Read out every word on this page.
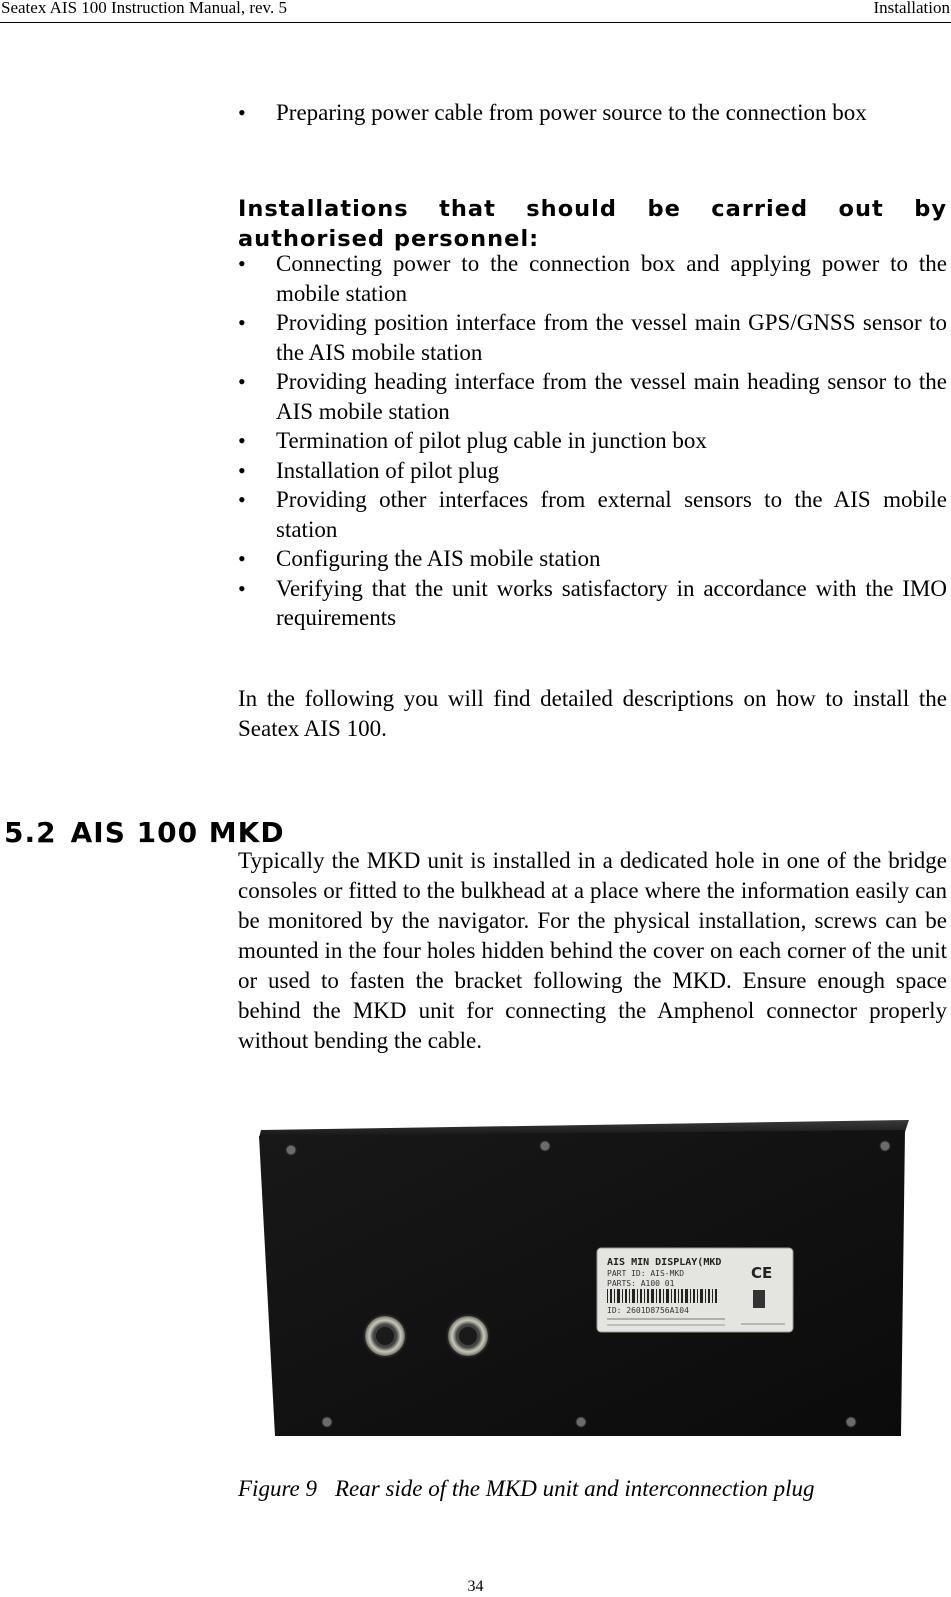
Seatex AIS 100 Instruction Manual, rev. 5	Installation
• Preparing power cable from power source to the connection box
Installations that should be carried out by authorised personnel:
• Connecting power to the connection box and applying power to the mobile station
• Providing position interface from the vessel main GPS/GNSS sensor to the AIS mobile station
• Providing heading interface from the vessel main heading sensor to the AIS mobile station
• Termination of pilot plug cable in junction box
• Installation of pilot plug
• Providing other interfaces from external sensors to the AIS mobile station
• Configuring the AIS mobile station
• Verifying that the unit works satisfactory in accordance with the IMO requirements

In the following you will find detailed descriptions on how to install the Seatex AIS 100.

5.2 AIS 100 MKD

Typically the MKD unit is installed in a dedicated hole in one of the bridge consoles or fitted to the bulkhead at a place where the information easily can be monitored by the navigator. For the physical installation, screws can be mounted in the four holes hidden behind the cover on each corner of the unit or used to fasten the bracket following the MKD. Ensure enough space behind the MKD unit for connecting the Amphenol connector properly without bending the cable.

AIS MIN DISPLAY(MKD
PART ID: AIS-MKD
PARTS: A100 01
ID: 2601D8756A104
CE
Figure 9 Rear side of the MKD unit and interconnection plug
34
